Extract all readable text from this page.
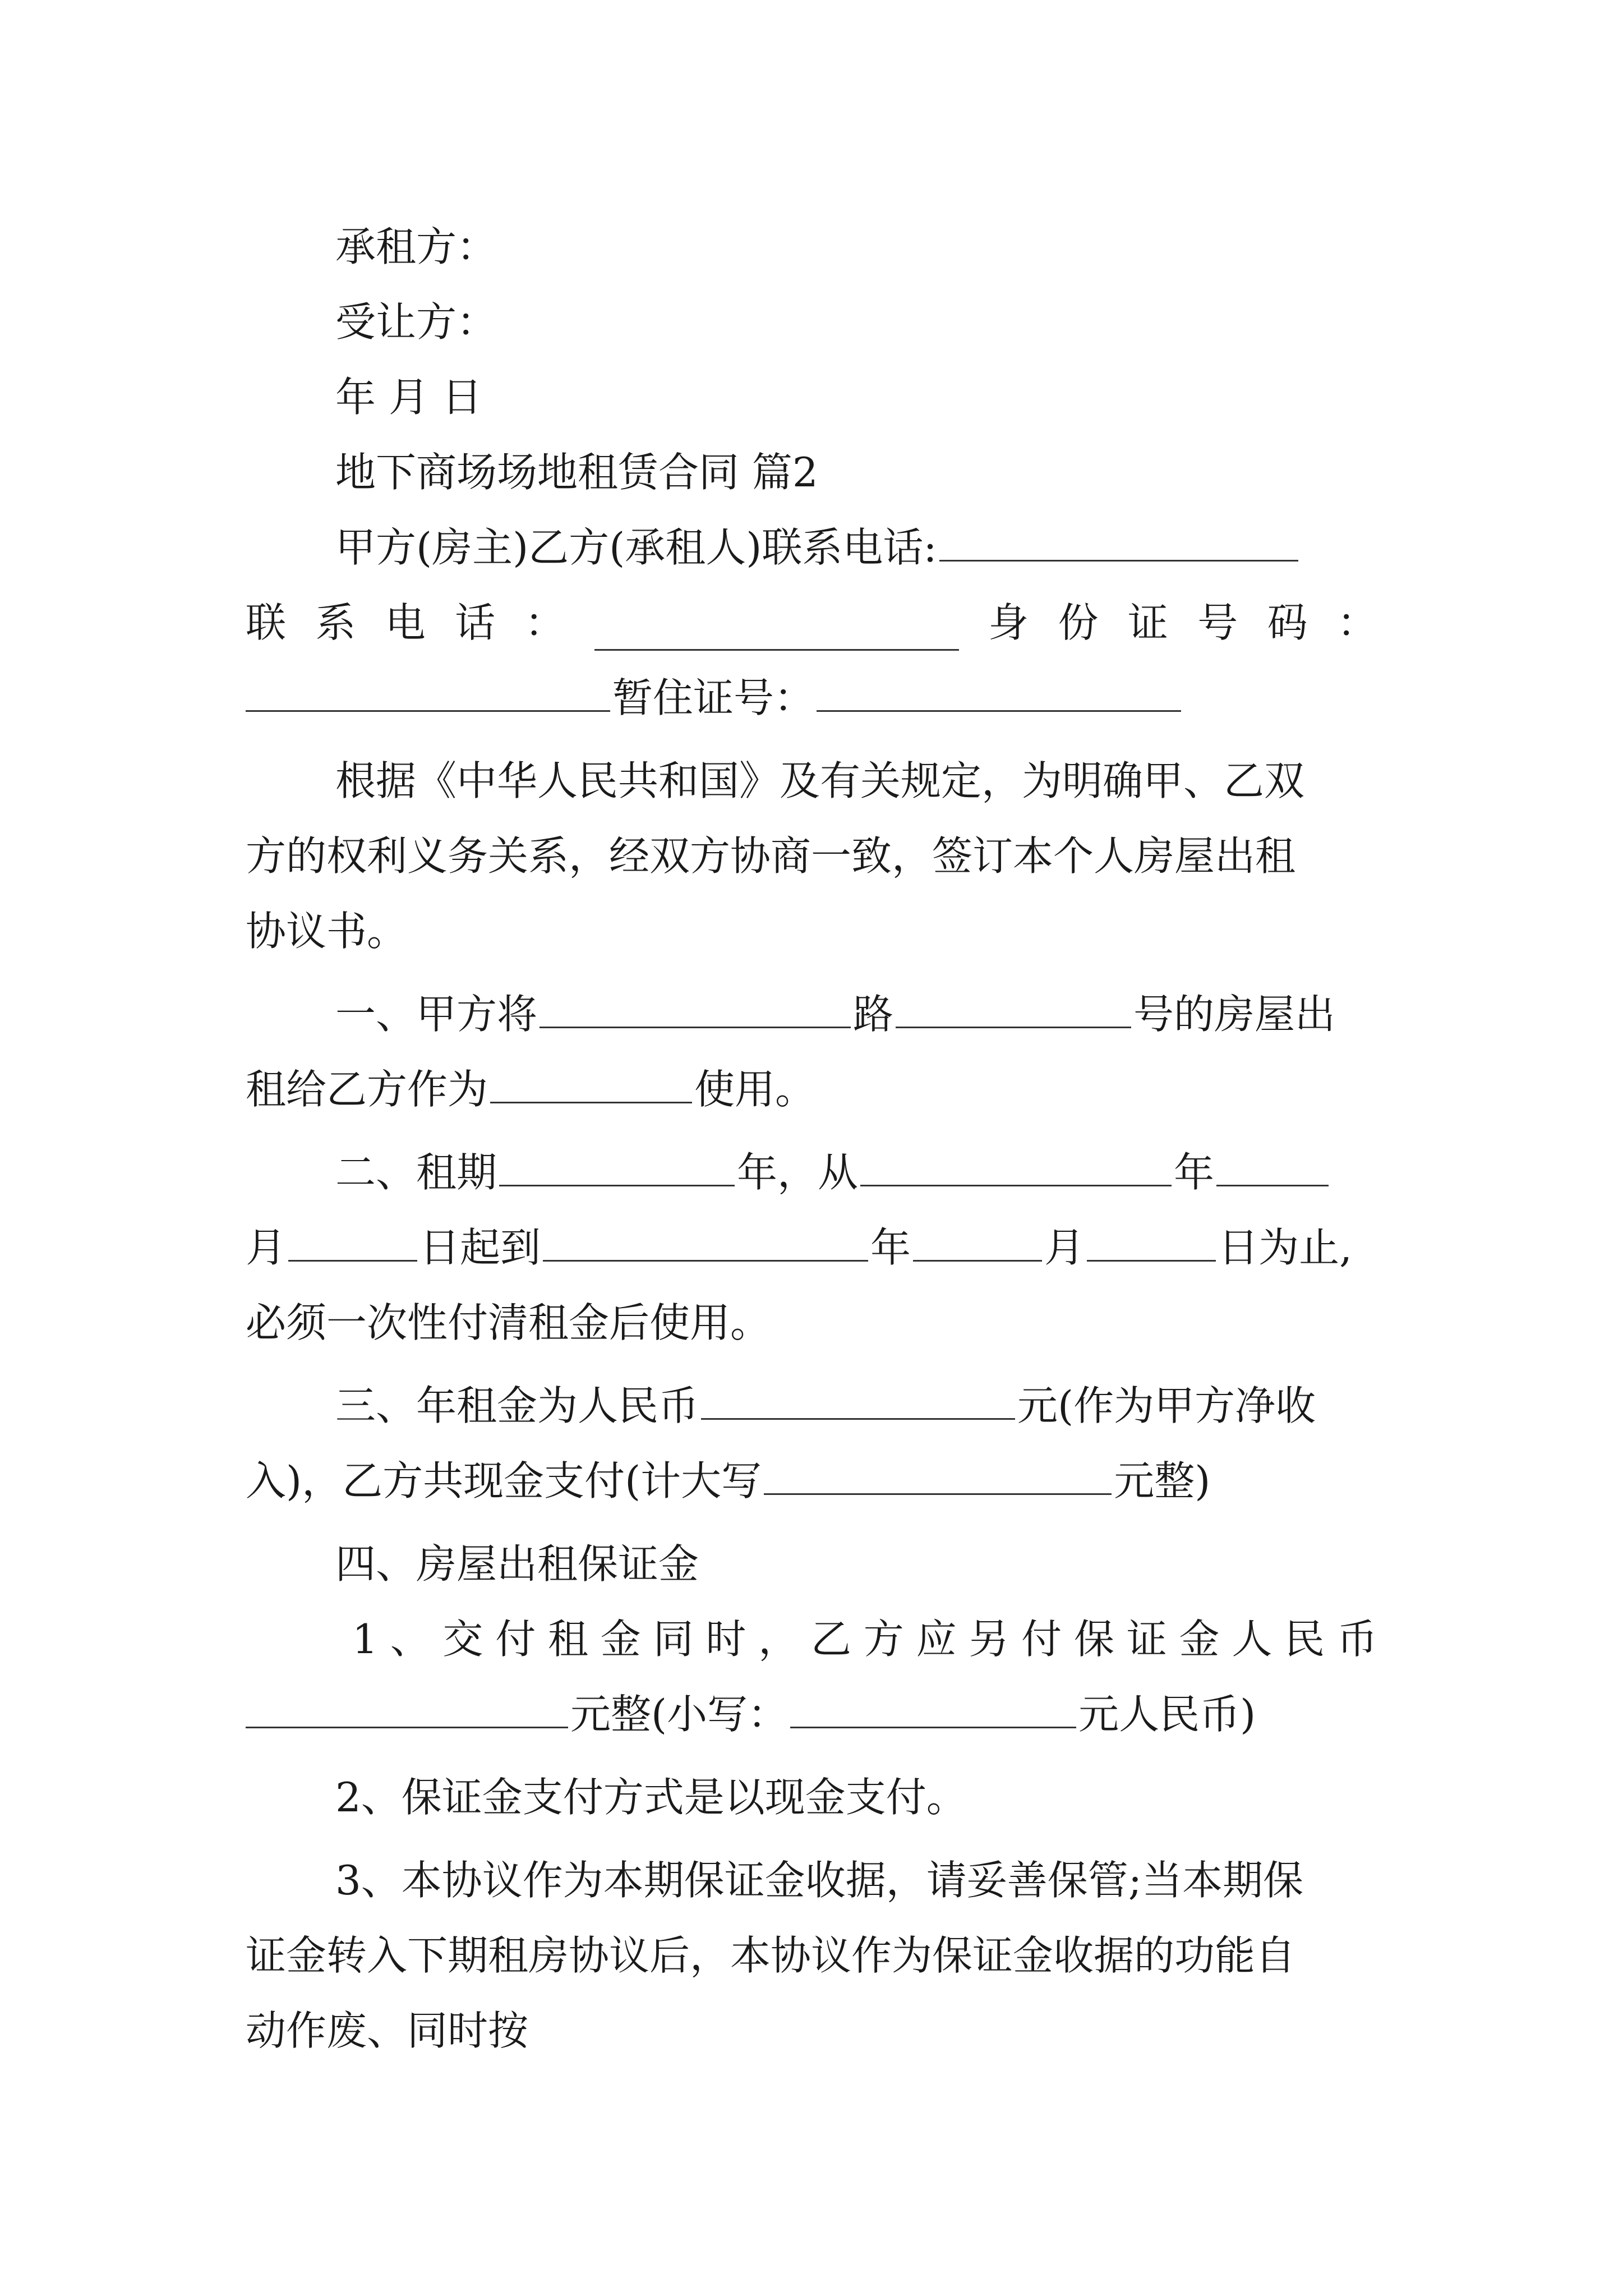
承租方：
受让方：
年 月 日
地下商场场地租赁合同 篇2
甲方(房主)乙方(承租人)联系电话:
联 系 电 话 ：	身 份 证 号 码 ：
暂住证号：
根据《中华人民共和国》及有关规定，为明确甲、乙双
方的权利义务关系，经双方协商一致，签订本个人房屋出租
协议书。
一、甲方将	路	号的房屋出
租给乙方作为	使用。
二、租期	年，从	年
月	日起到	年	月	日为止,
必须一次性付清租金后使用。
三、年租金为人民币	元(作为甲方净收
入)，乙方共现金支付(计大写	元整)
四、房屋出租保证金
1 、 交 付 租 金 同 时 ， 乙 方 应 另 付 保 证 金 人 民 币
元整(小写：	元人民币)
2、保证金支付方式是以现金支付。
3、本协议作为本期保证金收据，请妥善保管;当本期保
证金转入下期租房协议后，本协议作为保证金收据的功能自
动作废、同时按
